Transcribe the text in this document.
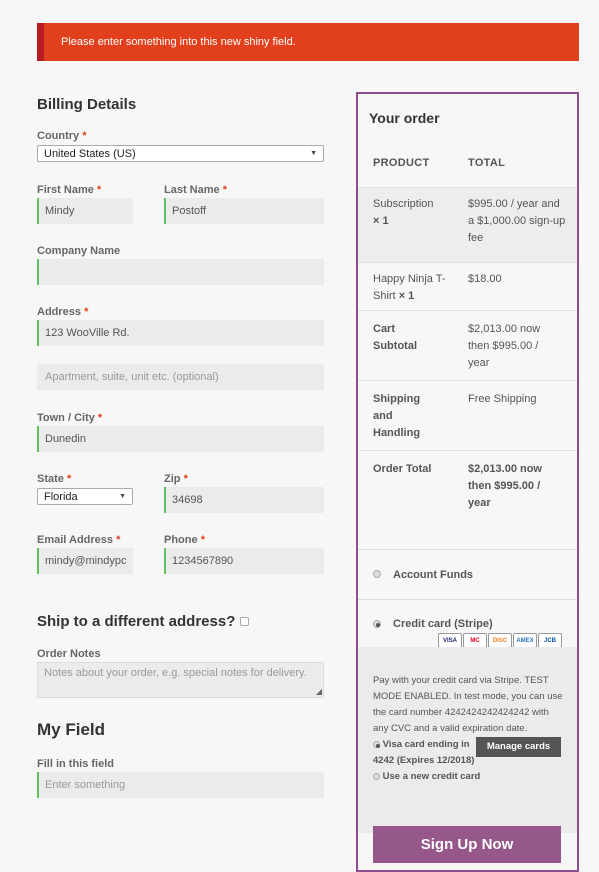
Please enter something into this new shiny field.
Billing Details
Country *
United States (US)	▼
First Name *
Mindy
Last Name *
Postoff
Company Name
Address *
123 WooVille Rd.
Apartment, suite, unit etc. (optional)
Town / City *
Dunedin
State *
Florida	▼
Zip *
34698
Email Address *
mindy@mindypc
Phone *
1234567890
Ship to a different address?
Order Notes
Notes about your order, e.g. special notes for delivery.
◢
My Field
Fill in this field
Enter something
Your order
PRODUCT	TOTAL
Subscription
× 1
$995.00 / year and a $1,000.00 sign-up fee
Happy Ninja T-Shirt × 1
$18.00
Cart Subtotal
$2,013.00 now then $995.00 / year
Shipping and Handling
Free Shipping
Order Total	$2,013.00 now then $995.00 / year
Account Funds
Credit card (Stripe)
VISA	MC	DISC	AMEX	JCB
Pay with your credit card via Stripe. TEST MODE ENABLED. In test mode, you can use the card number 4242424242424242 with any CVC and a valid expiration date.
Visa card ending in 4242 (Expires 12/2018)
Manage cards
Use a new credit card
Sign Up Now
